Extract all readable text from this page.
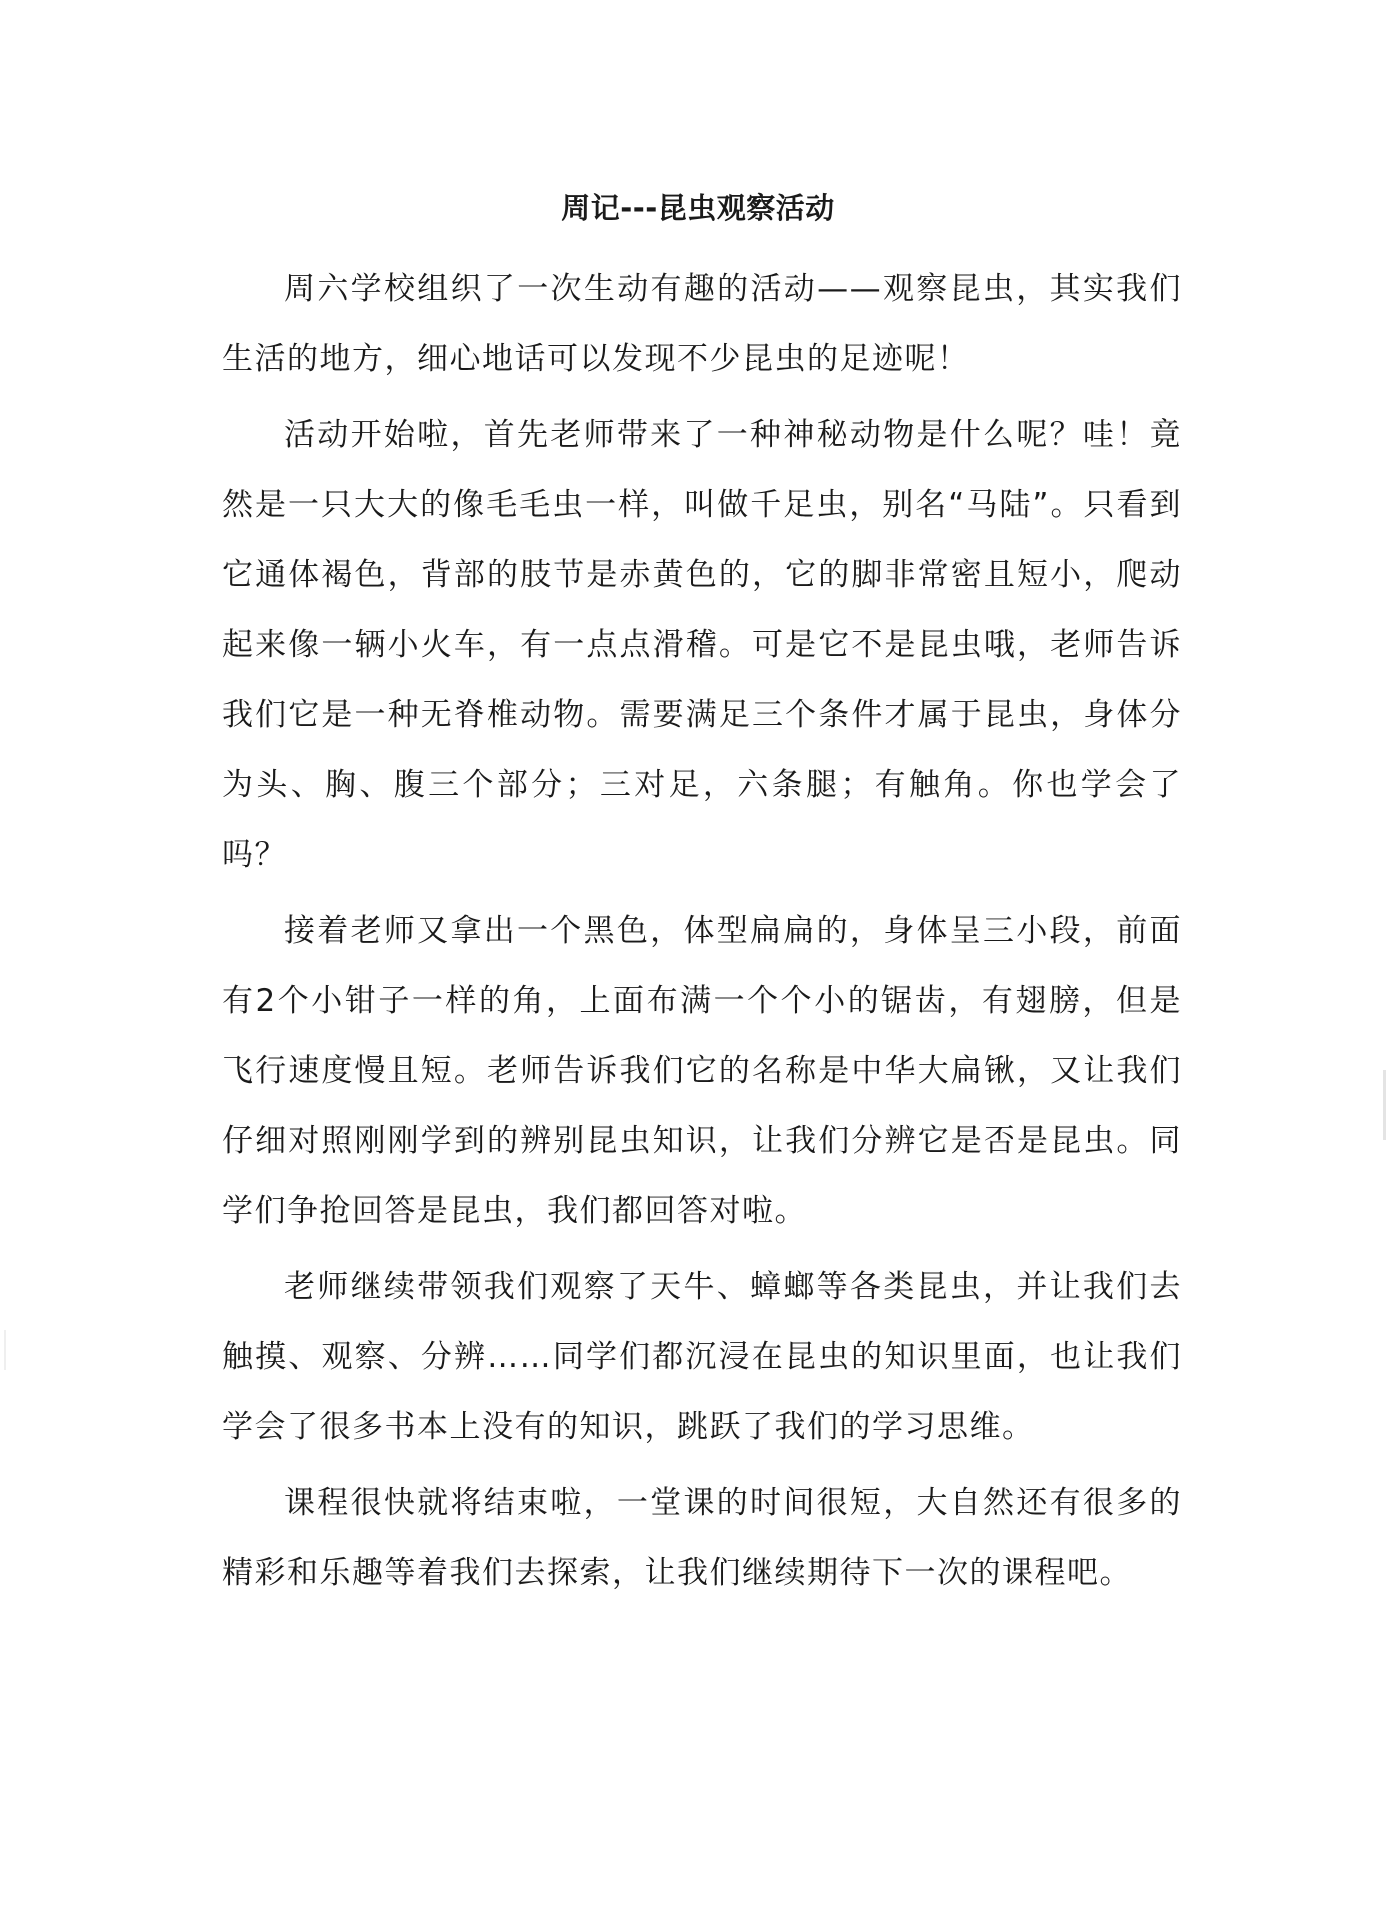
周记---昆虫观察活动

周六学校组织了一次生动有趣的活动——观察昆虫，其实我们生活的地方，细心地话可以发现不少昆虫的足迹呢！

活动开始啦，首先老师带来了一种神秘动物是什么呢？哇！竟然是一只大大的像毛毛虫一样，叫做千足虫，别名“马陆”。只看到它通体褐色，背部的肢节是赤黄色的，它的脚非常密且短小，爬动起来像一辆小火车，有一点点滑稽。可是它不是昆虫哦，老师告诉我们它是一种无脊椎动物。需要满足三个条件才属于昆虫，身体分为头、胸、腹三个部分；三对足，六条腿；有触角。你也学会了吗？

接着老师又拿出一个黑色，体型扁扁的，身体呈三小段，前面有2个小钳子一样的角，上面布满一个个小的锯齿，有翅膀，但是飞行速度慢且短。老师告诉我们它的名称是中华大扁锹，又让我们仔细对照刚刚学到的辨别昆虫知识，让我们分辨它是否是昆虫。同学们争抢回答是昆虫，我们都回答对啦。

老师继续带领我们观察了天牛、蟑螂等各类昆虫，并让我们去触摸、观察、分辨……同学们都沉浸在昆虫的知识里面，也让我们学会了很多书本上没有的知识，跳跃了我们的学习思维。

课程很快就将结束啦，一堂课的时间很短，大自然还有很多的精彩和乐趣等着我们去探索，让我们继续期待下一次的课程吧。
